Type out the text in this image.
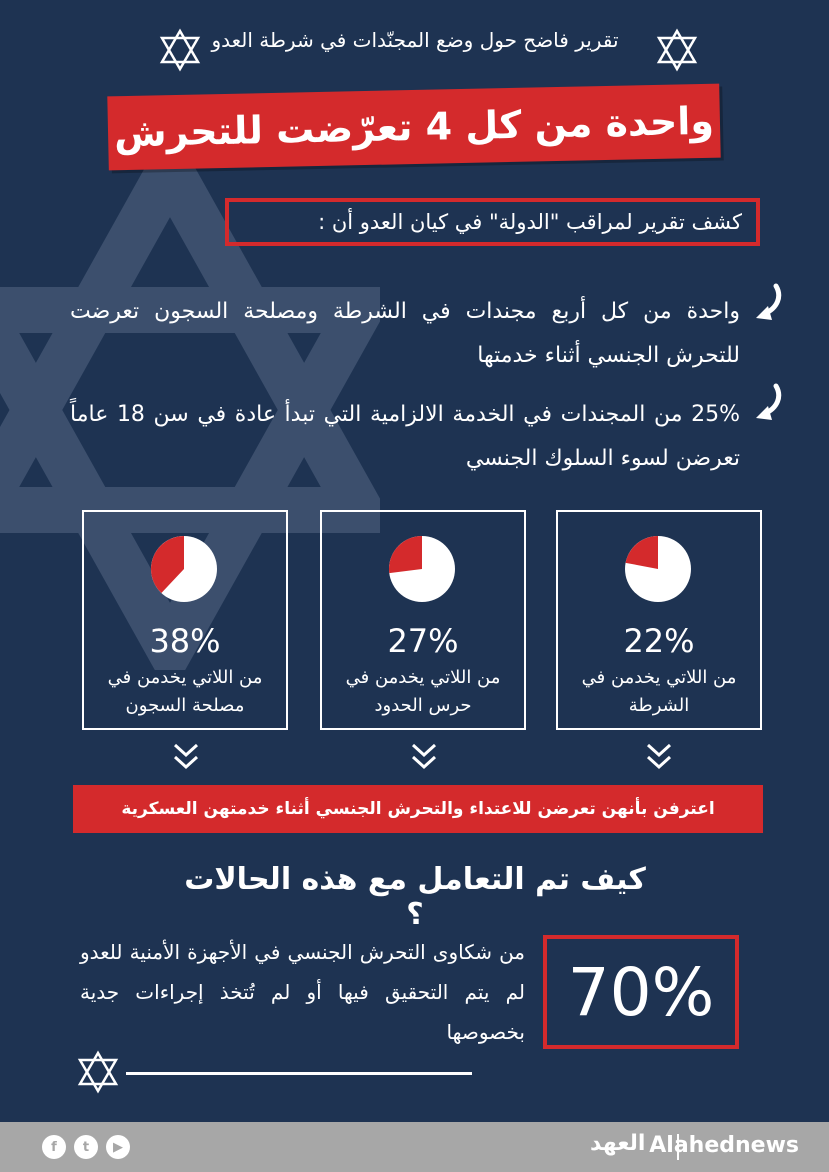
تقرير فاضح حول وضع المجنّدات في شرطة العدو
واحدة من كل 4 تعرّضت للتحرش
كشف تقرير لمراقب "الدولة" في كيان العدو أن :
واحدة من كل أربع مجندات في الشرطة ومصلحة السجون تعرضت للتحرش الجنسي أثناء خدمتها
25% من المجندات في الخدمة الالزامية التي تبدأ عادة في سن 18 عاماً تعرضن لسوء السلوك الجنسي
22%
من اللاتي يخدمن في الشرطة
27%
من اللاتي يخدمن في حرس الحدود
38%
من اللاتي يخدمن في مصلحة السجون
اعترفن بأنهن تعرضن للاعتداء والتحرش الجنسي أثناء خدمتهن العسكرية
كيف تم التعامل مع هذه الحالات ؟
70%
من شكاوى التحرش الجنسي في الأجهزة الأمنية للعدو لم يتم التحقيق فيها أو لم تُتخذ إجراءات جدية بخصوصها
f	t	▶	العهد Alahednews
